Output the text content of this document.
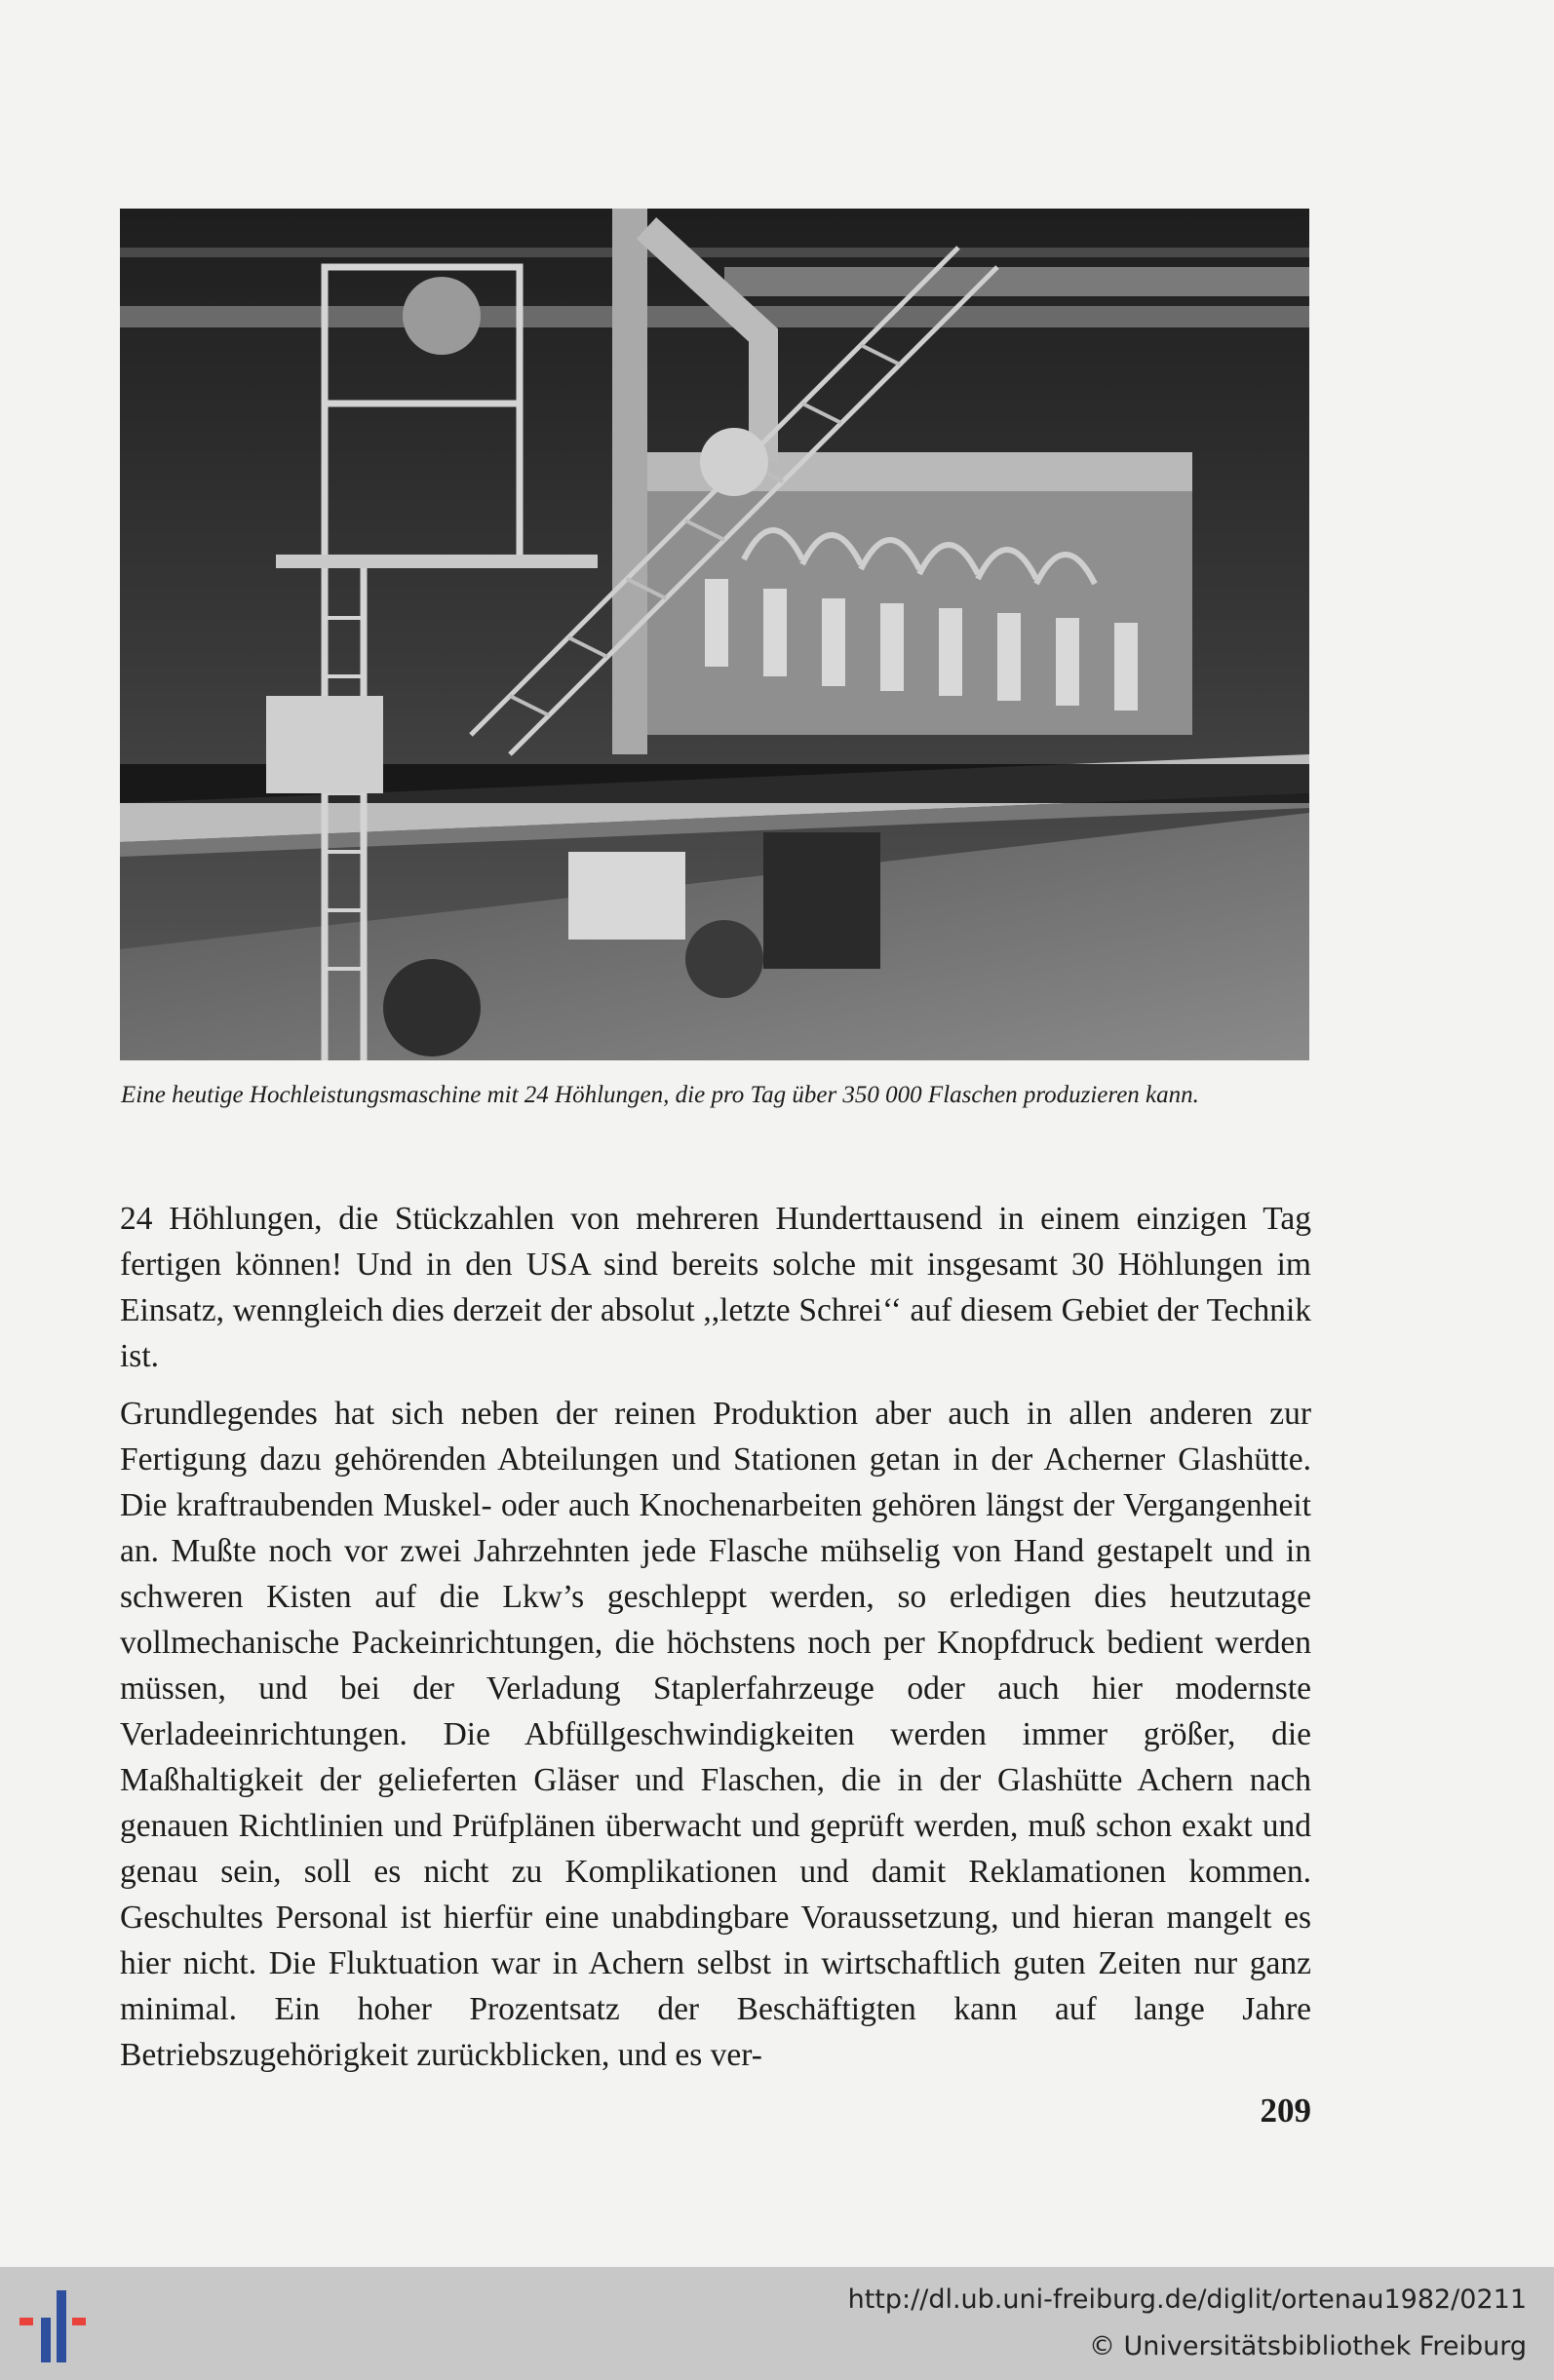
Eine heutige Hochleistungsmaschine mit 24 Höhlungen, die pro Tag über 350 000 Flaschen produzieren kann.

24 Höhlungen, die Stückzahlen von mehreren Hunderttausend in einem einzigen Tag fertigen können! Und in den USA sind bereits solche mit insgesamt 30 Höhlungen im Einsatz, wenngleich dies derzeit der absolut ,,letzte Schrei‘‘ auf diesem Gebiet der Technik ist.

Grundlegendes hat sich neben der reinen Produktion aber auch in allen anderen zur Fertigung dazu gehörenden Abteilungen und Stationen getan in der Acherner Glashütte. Die kraftraubenden Muskel- oder auch Knochenarbeiten gehören längst der Vergangenheit an. Mußte noch vor zwei Jahrzehnten jede Flasche mühselig von Hand gestapelt und in schweren Kisten auf die Lkw’s geschleppt werden, so erledigen dies heutzutage vollmechanische Packeinrichtungen, die höchstens noch per Knopfdruck bedient werden müssen, und bei der Verladung Staplerfahrzeuge oder auch hier modernste Verladeeinrichtungen. Die Abfüllgeschwindigkeiten werden immer größer, die Maßhaltigkeit der gelieferten Gläser und Flaschen, die in der Glashütte Achern nach genauen Richtlinien und Prüfplänen überwacht und geprüft werden, muß schon exakt und genau sein, soll es nicht zu Komplikationen und damit Reklamationen kommen. Geschultes Personal ist hierfür eine unabdingbare Voraussetzung, und hieran mangelt es hier nicht. Die Fluktuation war in Achern selbst in wirtschaftlich guten Zeiten nur ganz minimal. Ein hoher Prozentsatz der Beschäftigten kann auf lange Jahre Betriebszugehörigkeit zurückblicken, und es ver-

209

http://dl.ub.uni-freiburg.de/diglit/ortenau1982/0211

© Universitätsbibliothek Freiburg
